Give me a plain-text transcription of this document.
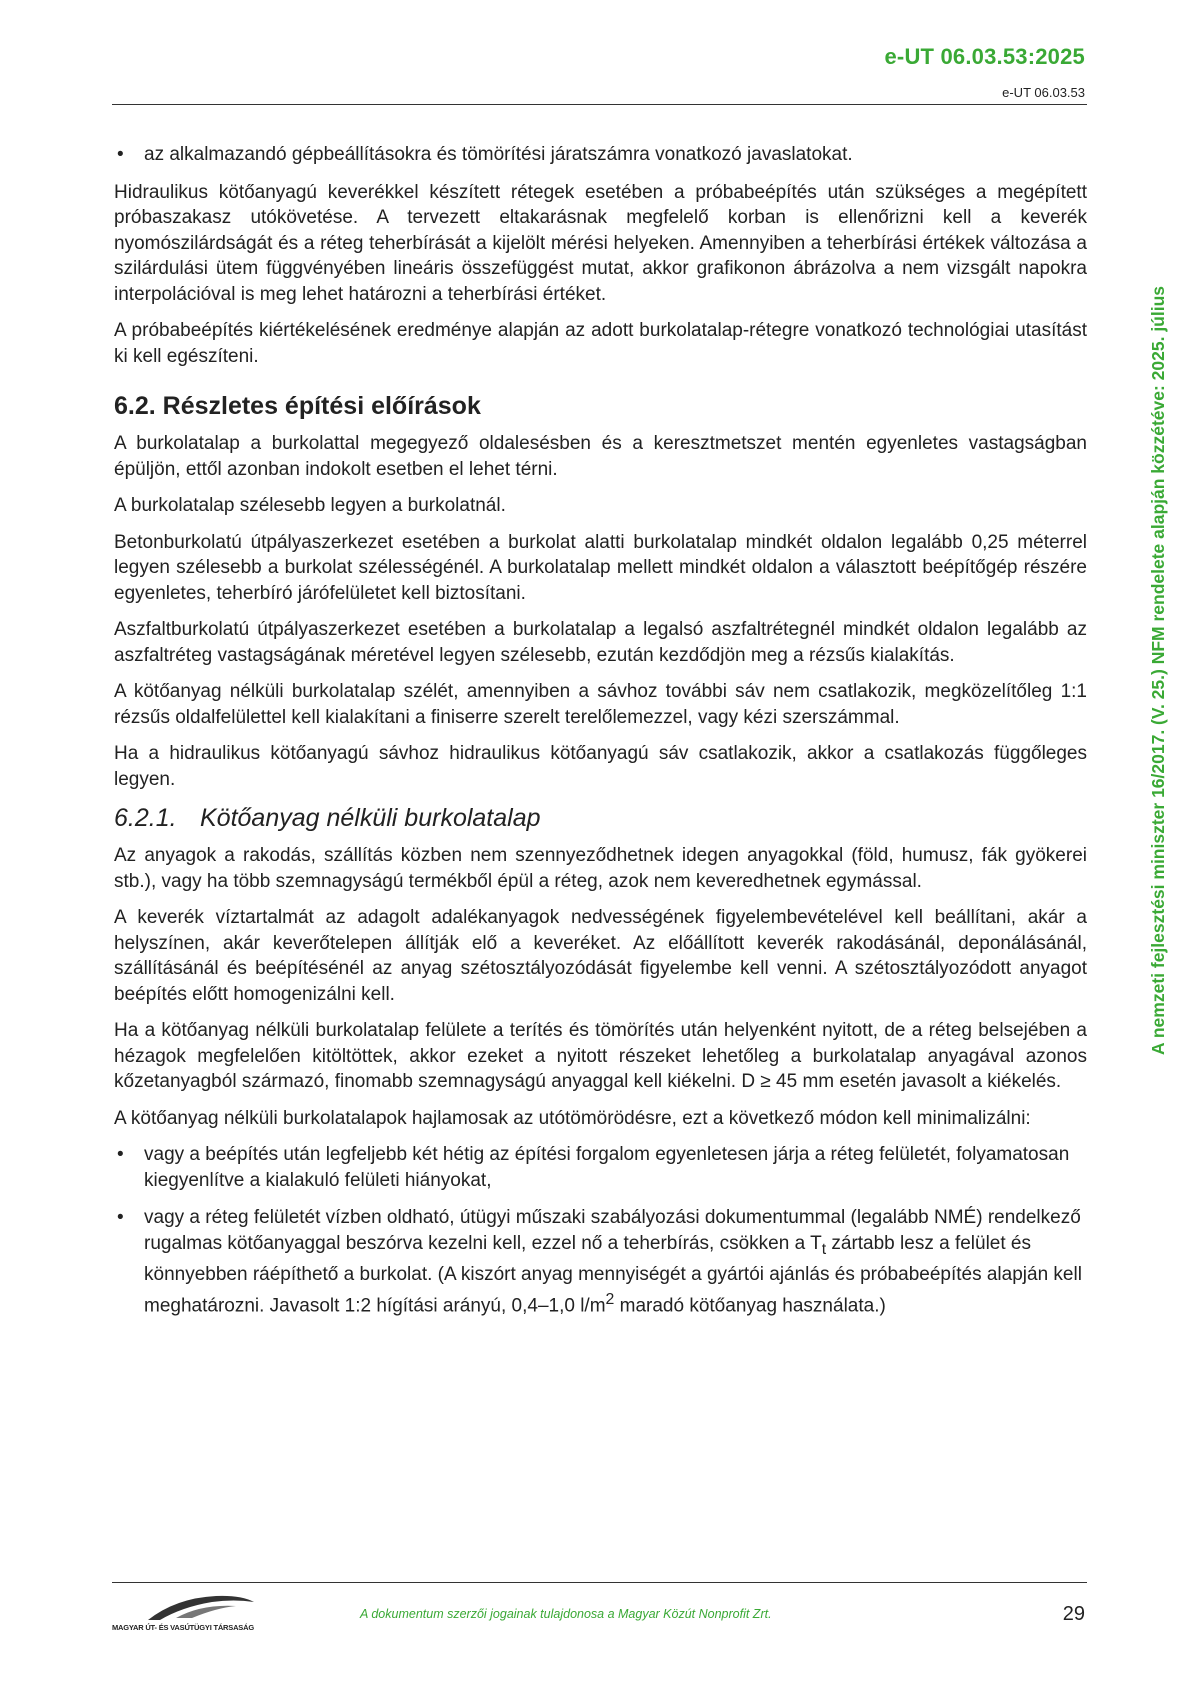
e-UT 06.03.53:2025
e-UT 06.03.53
A nemzeti fejlesztési miniszter 16/2017. (V. 25.) NFM rendelete alapján közzétéve: 2025. július
• az alkalmazandó gépbeállításokra és tömörítési járatszámra vonatkozó javaslatokat.

Hidraulikus kötőanyagú keverékkel készített rétegek esetében a próbabeépítés után szükséges a megépített próbaszakasz utókövetése. A tervezett eltakarásnak megfelelő korban is ellenőrizni kell a keverék nyomószilárdságát és a réteg teherbírását a kijelölt mérési helyeken. Amennyiben a teherbírási értékek változása a szilárdulási ütem függvényében lineáris összefüggést mutat, akkor grafikonon ábrázolva a nem vizsgált napokra interpolációval is meg lehet határozni a teherbírási értéket.

A próbabeépítés kiértékelésének eredménye alapján az adott burkolatalap-rétegre vonatkozó technológiai utasítást ki kell egészíteni.

6.2. Részletes építési előírások

A burkolatalap a burkolattal megegyező oldalesésben és a keresztmetszet mentén egyenletes vastagságban épüljön, ettől azonban indokolt esetben el lehet térni.

A burkolatalap szélesebb legyen a burkolatnál.

Betonburkolatú útpályaszerkezet esetében a burkolat alatti burkolatalap mindkét oldalon legalább 0,25 méterrel legyen szélesebb a burkolat szélességénél. A burkolatalap mellett mindkét oldalon a választott beépítőgép részére egyenletes, teherbíró járófelületet kell biztosítani.

Aszfaltburkolatú útpályaszerkezet esetében a burkolatalap a legalsó aszfaltrétegnél mindkét oldalon legalább az aszfaltréteg vastagságának méretével legyen szélesebb, ezután kezdődjön meg a rézsűs kialakítás.

A kötőanyag nélküli burkolatalap szélét, amennyiben a sávhoz további sáv nem csatlakozik, megközelítőleg 1:1 rézsűs oldalfelülettel kell kialakítani a finiserre szerelt terelőlemezzel, vagy kézi szerszámmal.

Ha a hidraulikus kötőanyagú sávhoz hidraulikus kötőanyagú sáv csatlakozik, akkor a csatlakozás függőleges legyen.

6.2.1. Kötőanyag nélküli burkolatalap

Az anyagok a rakodás, szállítás közben nem szennyeződhetnek idegen anyagokkal (föld, humusz, fák gyökerei stb.), vagy ha több szemnagyságú termékből épül a réteg, azok nem keveredhetnek egymással.

A keverék víztartalmát az adagolt adalékanyagok nedvességének figyelembevételével kell beállítani, akár a helyszínen, akár keverőtelepen állítják elő a keveréket. Az előállított keverék rakodásánál, deponálásánál, szállításánál és beépítésénél az anyag szétosztályozódását figyelembe kell venni. A szétosztályozódott anyagot beépítés előtt homogenizálni kell.

Ha a kötőanyag nélküli burkolatalap felülete a terítés és tömörítés után helyenként nyitott, de a réteg belsejében a hézagok megfelelően kitöltöttek, akkor ezeket a nyitott részeket lehetőleg a burkolatalap anyagával azonos kőzetanyagból származó, finomabb szemnagyságú anyaggal kell kiékelni. D ≥ 45 mm esetén javasolt a kiékelés.

A kötőanyag nélküli burkolatalapok hajlamosak az utótömörödésre, ezt a következő módon kell minimalizálni:

• vagy a beépítés után legfeljebb két hétig az építési forgalom egyenletesen járja a réteg felületét, folyamatosan kiegyenlítve a kialakuló felületi hiányokat,
• vagy a réteg felületét vízben oldható, útügyi műszaki szabályozási dokumentummal (legalább NMÉ) rendelkező rugalmas kötőanyaggal beszórva kezelni kell, ezzel nő a teherbírás, csökken a $T_t$ zártabb lesz a felület és könnyebben ráépíthető a burkolat. (A kiszórt anyag mennyiségét a gyártói ajánlás és próbabeépítés alapján kell meghatározni. Javasolt 1:2 hígítási arányú, 0,4–1,0 $l/m^2$ maradó kötőanyag használata.)
MAGYAR ÚT- ÉS VASÚTÜGYI TÁRSASÁG
A dokumentum szerzői jogainak tulajdonosa a Magyar Közút Nonprofit Zrt.	29
